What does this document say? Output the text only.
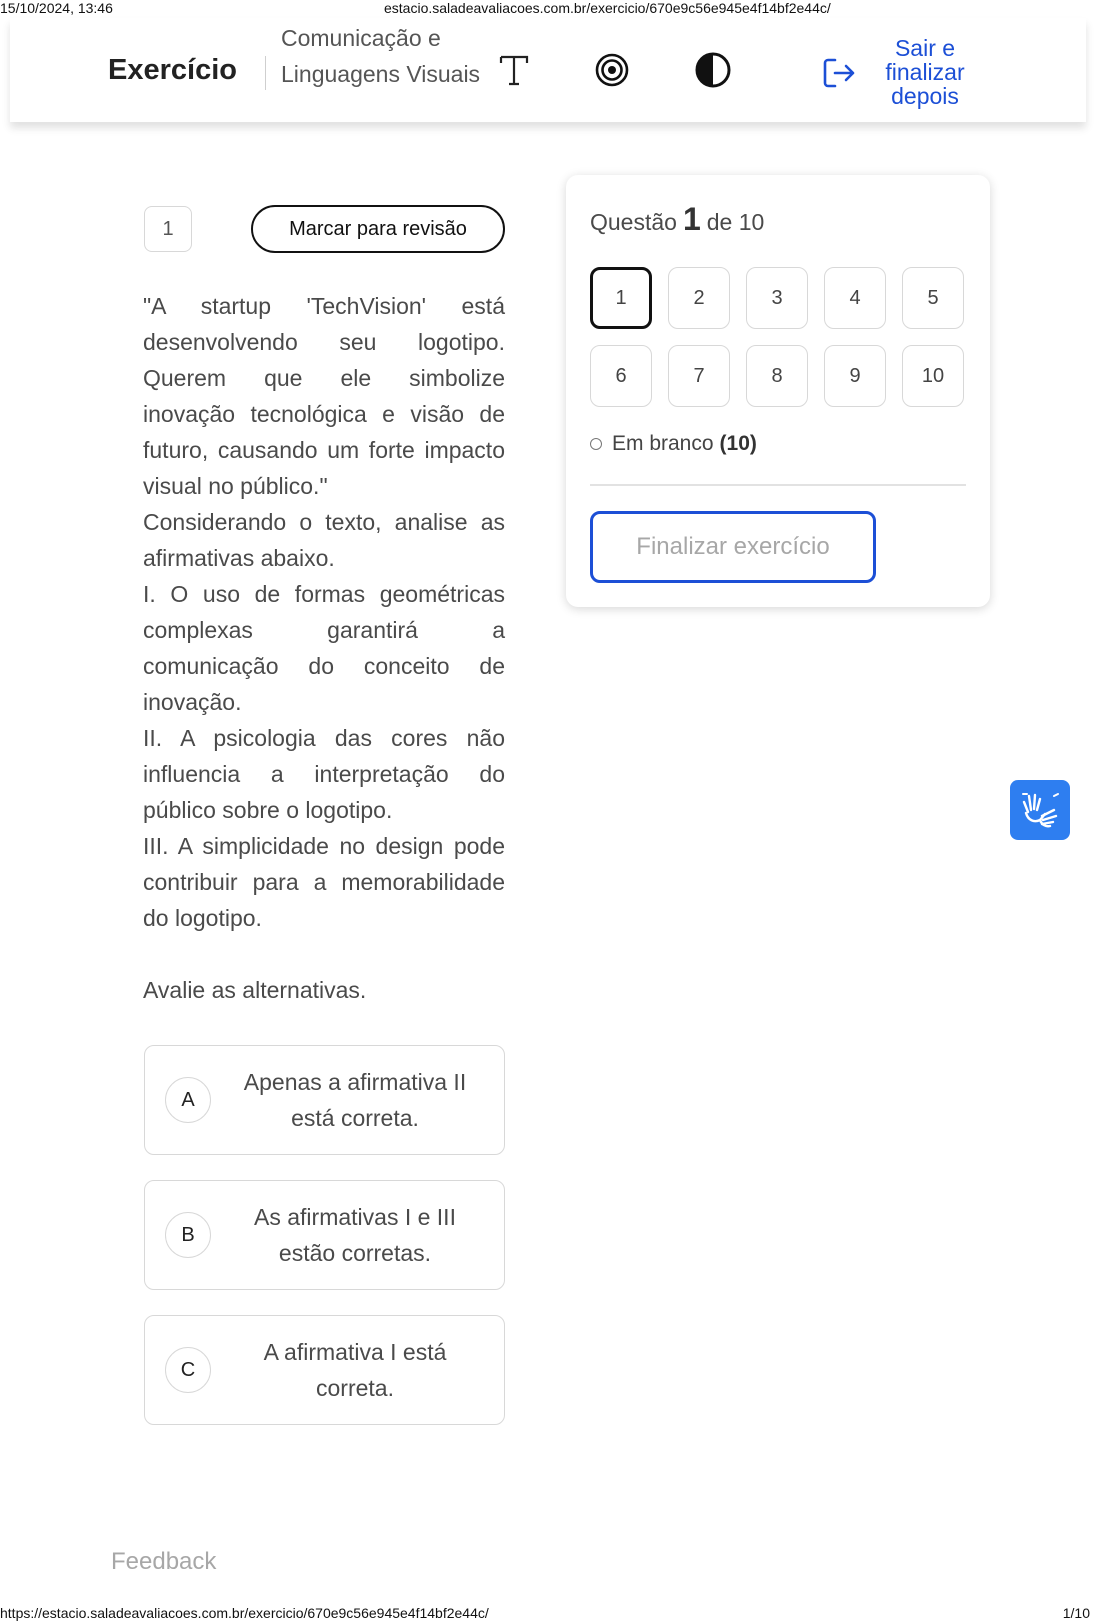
15/10/2024, 13:46	estacio.saladeavaliacoes.com.br/exercicio/670e9c56e945e4f14bf2e44c/
Exercício
Comunicação e Linguagens Visuais
Sair e finalizar depois
1	Marcar para revisão

"A startup 'TechVision' está desenvolvendo seu logotipo. Querem que ele simbolize inovação tecnológica e visão de futuro, causando um forte impacto visual no público."

Considerando o texto, analise as afirmativas abaixo.

I. O uso de formas geométricas complexas garantirá a comunicação do conceito de inovação.

II. A psicologia das cores não influencia a interpretação do público sobre o logotipo.

III. A simplicidade no design pode contribuir para a memorabilidade do logotipo.

Avalie as alternativas.

A
Apenas a afirmativa II está correta.
B
As afirmativas I e III estão corretas.
C
A afirmativa I está correta.
Questão 1 de 10
1	2	3	4	5
6	7	8	9	10
Em branco (10)
Finalizar exercício
Feedback
https://estacio.saladeavaliacoes.com.br/exercicio/670e9c56e945e4f14bf2e44c/	1/10
